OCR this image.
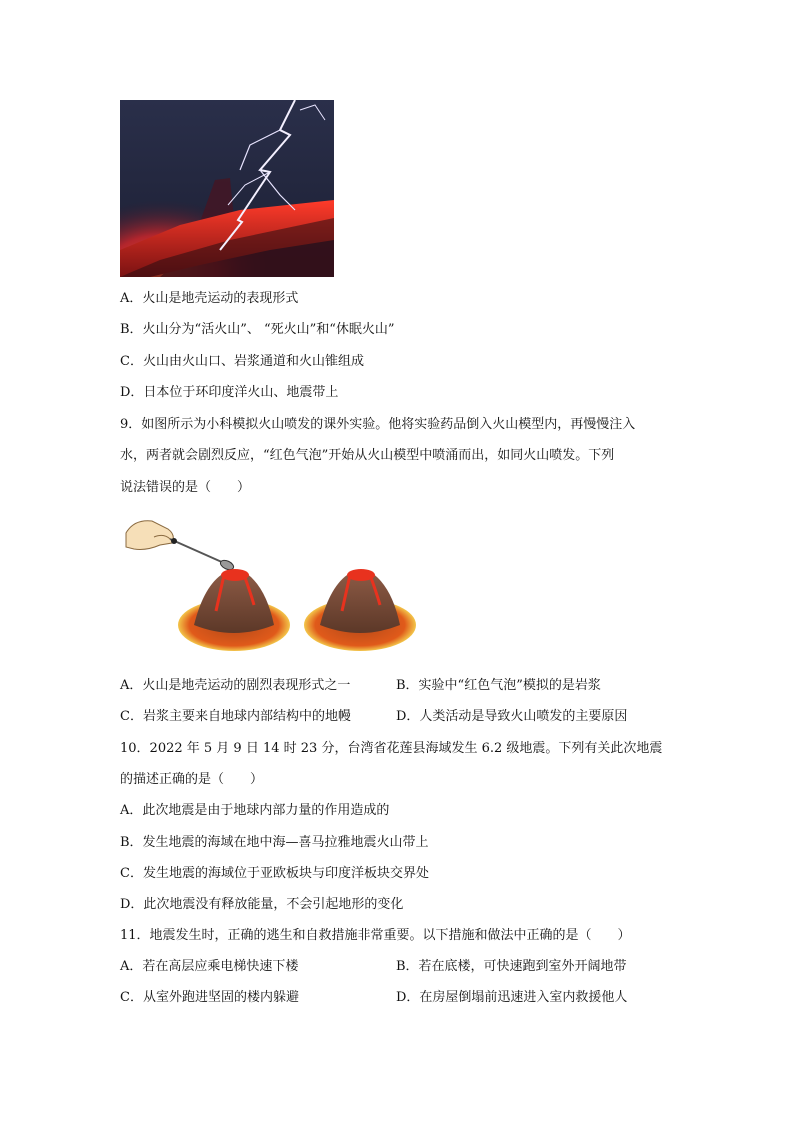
A．火山是地壳运动的表现形式
B．火山分为“活火山”、 “死火山”和“休眠火山”
C．火山由火山口、岩浆通道和火山锥组成
D．日本位于环印度洋火山、地震带上
9．如图所示为小科模拟火山喷发的课外实验。他将实验药品倒入火山模型内，再慢慢注入
水，两者就会剧烈反应，“红色气泡”开始从火山模型中喷涌而出，如同火山喷发。下列
说法错误的是（　　）
A．火山是地壳运动的剧烈表现形式之一	B．实验中“红色气泡”模拟的是岩浆
C．岩浆主要来自地球内部结构中的地幔	D．人类活动是导致火山喷发的主要原因
10．2022 年 5 月 9 日 14 时 23 分，台湾省花莲县海域发生 6.2 级地震。下列有关此次地震
的描述正确的是（　　）
A．此次地震是由于地球内部力量的作用造成的
B．发生地震的海域在地中海—喜马拉雅地震火山带上
C．发生地震的海域位于亚欧板块与印度洋板块交界处
D．此次地震没有释放能量，不会引起地形的变化
11．地震发生时，正确的逃生和自救措施非常重要。以下措施和做法中正确的是（　　）
A．若在高层应乘电梯快速下楼	B．若在底楼，可快速跑到室外开阔地带
C．从室外跑进坚固的楼内躲避	D．在房屋倒塌前迅速进入室内救援他人
